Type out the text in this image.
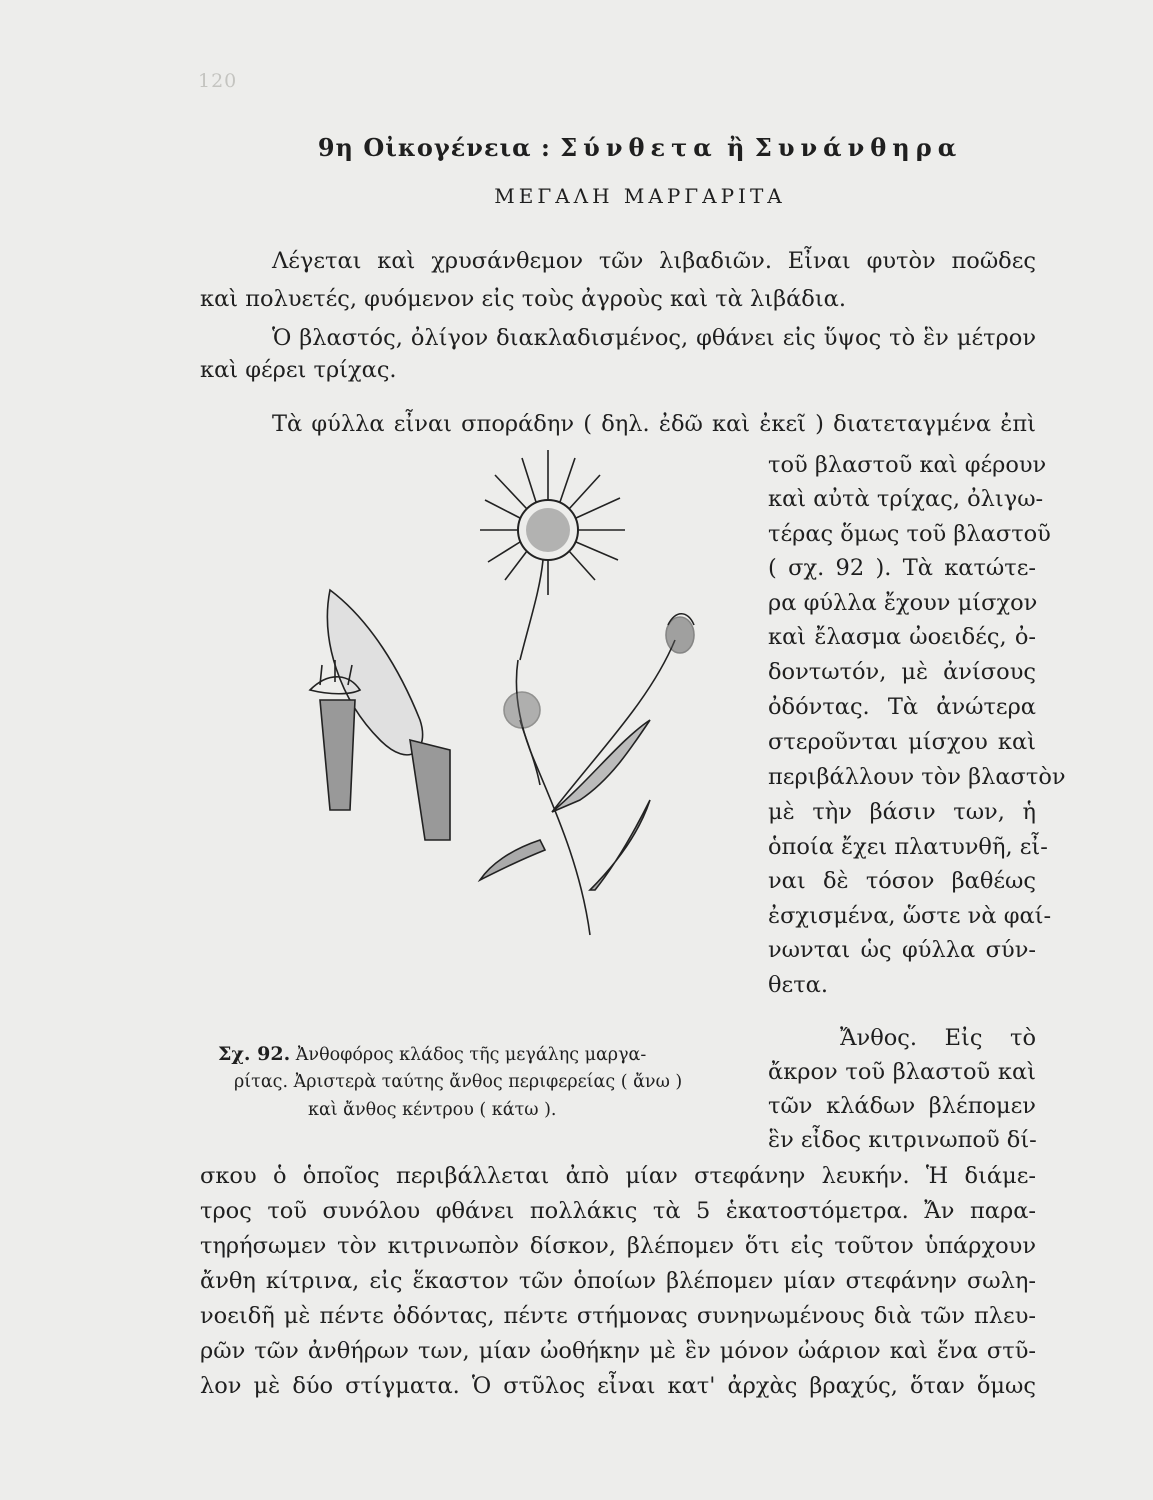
120
9η Οἰκογένεια : Σύνθετα ἢ Συνάνθηρα
ΜΕΓΑΛΗ ΜΑΡΓΑΡΙΤΑ
Λέγεται καὶ χρυσάνθεμον τῶν λιβαδιῶν. Εἶναι φυτὸν ποῶδες
καὶ πολυετές, φυόμενον εἰς τοὺς ἀγροὺς καὶ τὰ λιβάδια.
Ὁ βλαστός, ὀλίγον διακλαδισμένος, φθάνει εἰς ὕψος τὸ ἓν μέτρον
καὶ φέρει τρίχας.
Τὰ φύλλα εἶναι σποράδην ( δηλ. ἐδῶ καὶ ἐκεῖ ) διατεταγμένα ἐπὶ
τοῦ βλαστοῦ καὶ φέρουν
καὶ αὐτὰ τρίχας, ὀλιγω-
τέρας ὅμως τοῦ βλαστοῦ
( σχ. 92 ). Τὰ κατώτε-
ρα φύλλα ἔχουν μίσχον
καὶ ἔλασμα ὠοειδές, ὀ-
δοντωτόν, μὲ ἀνίσους
ὀδόντας. Τὰ ἀνώτερα
στεροῦνται μίσχου καὶ
περιβάλλουν τὸν βλαστὸν
μὲ τὴν βάσιν των, ἡ
ὁποία ἔχει πλατυνθῆ, εἶ-
ναι δὲ τόσον βαθέως
ἐσχισμένα, ὥστε νὰ φαί-
νωνται ὡς φύλλα σύν-
θετα.
Ἄνθος. Εἰς τὸ
ἄκρον τοῦ βλαστοῦ καὶ
τῶν κλάδων βλέπομεν
ἓν εἶδος κιτρινωποῦ δί-
Σχ. 92. Ἀνθοφόρος κλάδος τῆς μεγάλης μαργα-
ρίτας. Ἀριστερὰ ταύτης ἄνθος περιφερείας ( ἄνω )
καὶ ἄνθος κέντρου ( κάτω ).
σκου ὁ ὁποῖος περιβάλλεται ἀπὸ μίαν στεφάνην λευκήν. Ἡ διάμε-
τρος τοῦ συνόλου φθάνει πολλάκις τὰ 5 ἑκατοστόμετρα. Ἄν παρα-
τηρήσωμεν τὸν κιτρινωπὸν δίσκον, βλέπομεν ὅτι εἰς τοῦτον ὑπάρχουν
ἄνθη κίτρινα, εἰς ἕκαστον τῶν ὁποίων βλέπομεν μίαν στεφάνην σωλη-
νοειδῆ μὲ πέντε ὀδόντας, πέντε στήμονας συνηνωμένους διὰ τῶν πλευ-
ρῶν τῶν ἀνθήρων των, μίαν ὠοθήκην μὲ ἓν μόνον ὠάριον καὶ ἕνα στῦ-
λον μὲ δύο στίγματα. Ὁ στῦλος εἶναι κατ' ἀρχὰς βραχύς, ὅταν ὅμως
